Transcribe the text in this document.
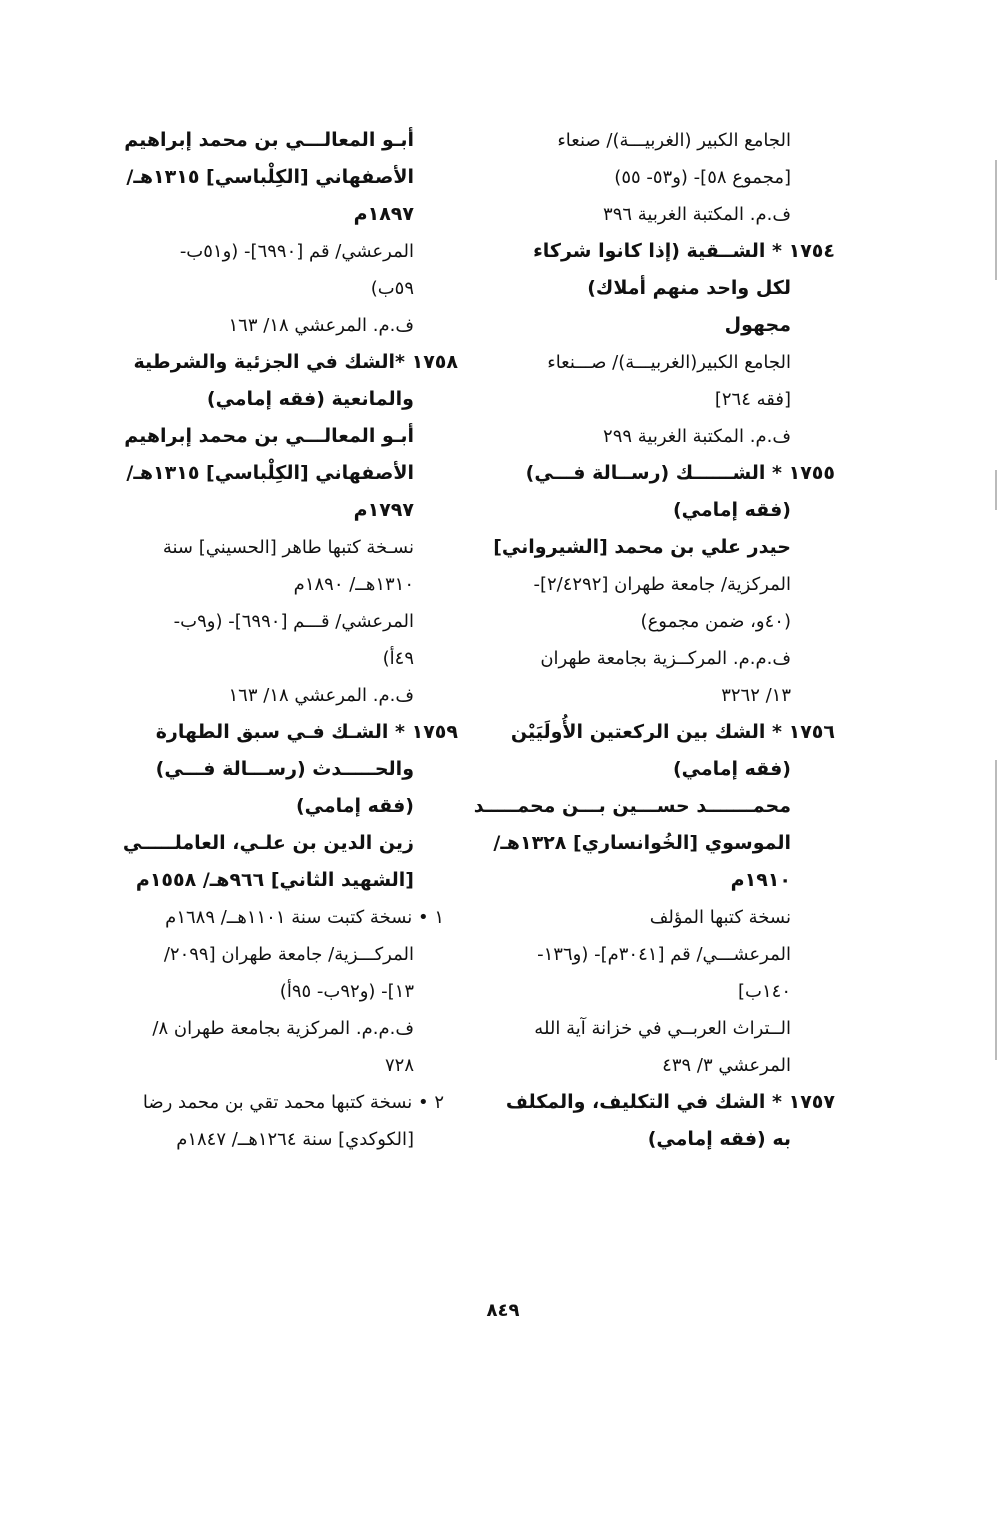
الجامع الكبير (الغربيـــة)/ صنعاء
[مجموع ٥٨]- (و٥٣- ٥٥)
ف.م. المكتبة الغربية ٣٩٦
١٧٥٤ * الشــقية (إذا كانوا شركاء
لكل واحد منهم أملاك)
مجهول
الجامع الكبير(الغربيـــة)/ صـــنعاء
[فقه ٢٦٤]
ف.م. المكتبة الغربية ٢٩٩
١٧٥٥ * الشــــــك (رســالة فـــي)
(فقه إمامي)
حيدر علي بن محمد [الشيرواني]
المركزية/ جامعة طهران [٢/٤٢٩٢]-
(٤٠و، ضمن مجموع)
ف.م.م. المركــزية بجامعة طهران
١٣/ ٣٢٦٢
١٧٥٦ * الشك بين الركعتين الأُولَيَيْن
(فقه إمامي)
محمـــــــد حســـين بـــن محمـــــد
الموسوي [الخُوانساري] ١٣٢٨هـ/
١٩١٠م
نسخة كتبها المؤلف
المرعشـــي/ قم [٣٠٤١م]- (و١٣٦-
١٤٠ب]
الــتراث العربــي في خزانة آية الله
المرعشي ٣/ ٤٣٩
١٧٥٧ * الشك في التكليف، والمكلف
به (فقه إمامي)
أبـو المعالـــي بن محمد إبراهيم
الأصفهاني [الكِلْباسي] ١٣١٥هـ/
١٨٩٧م
المرعشي/ قم [٦٩٩٠]- (و٥١ب-
٥٩ب)
ف.م. المرعشي ١٨/ ١٦٣
١٧٥٨ *الشك في الجزئية والشرطية
والمانعية (فقه إمامي)
أبـو المعالـــي بن محمد إبراهيم
الأصفهاني [الكِلْباسي] ١٣١٥هـ/
١٧٩٧م
نسـخة كتبها طاهر [الحسيني] سنة
١٣١٠هــ/ ١٨٩٠م
المرعشي/ قـــم [٦٩٩٠]- (و٩ب-
٤٩أ)
ف.م. المرعشي ١٨/ ١٦٣
١٧٥٩ * الشـك فـي سبق الطهارة
والحـــــدث (رســـالة فـــي)
(فقه إمامي)
زين الدين بن علـي، العاملـــــي
[الشهيد الثاني] ٩٦٦هـ/ ١٥٥٨م
١ • نسخة كتبت سنة ١١٠١هــ/ ١٦٨٩م
المركـــزية/ جامعة طهران [٢٠٩٩/
١٣]- (و٩٢ب- ٩٥أ)
ف.م.م. المركزية بجامعة طهران ٨/
٧٢٨
٢ • نسخة كتبها محمد تقي بن محمد رضا
[الكوكدي] سنة ١٢٦٤هــ/ ١٨٤٧م
٨٤٩
